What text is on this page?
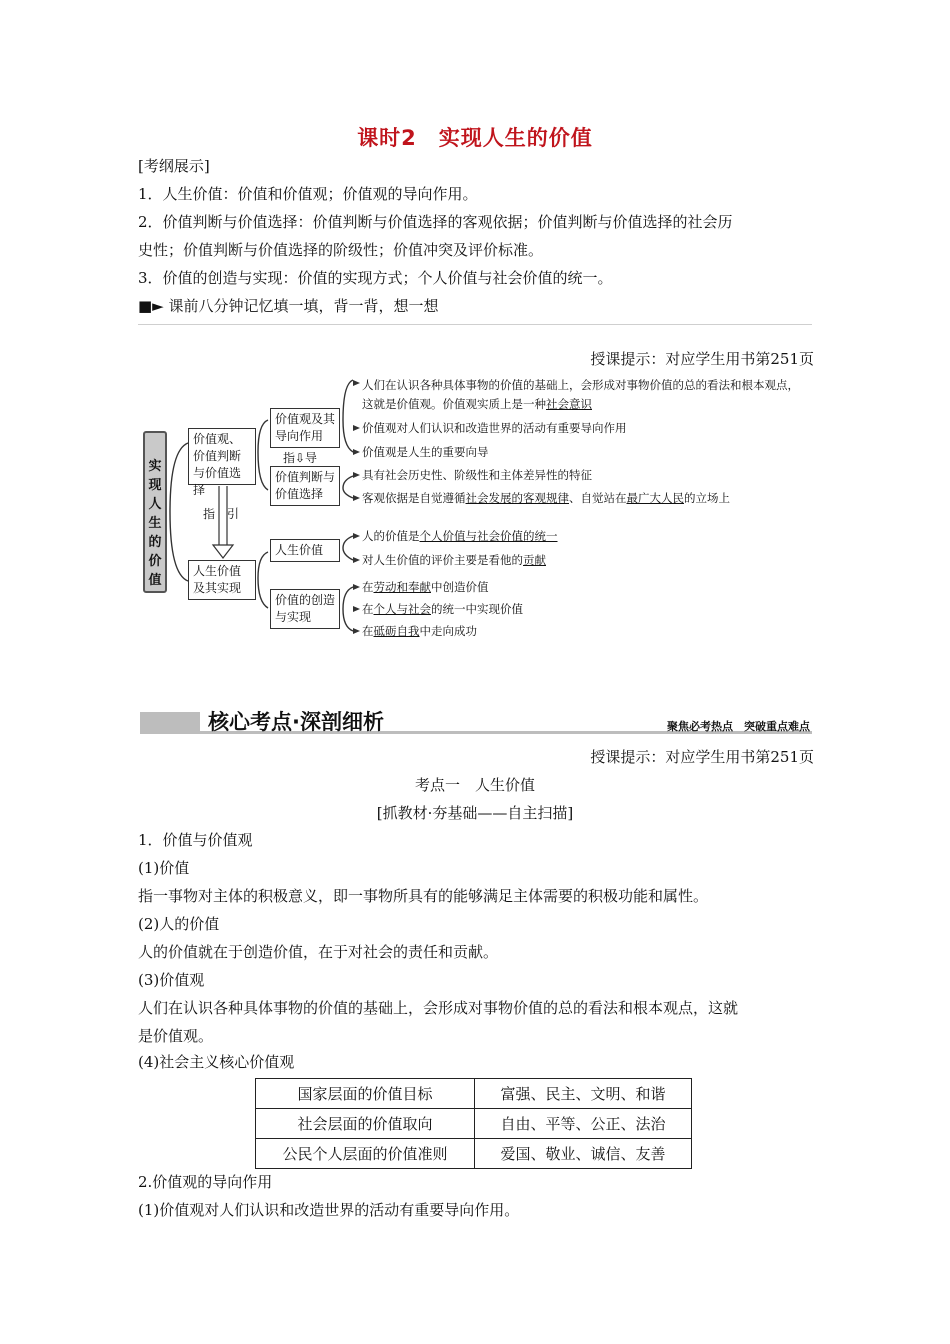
课时2　实现人生的价值
[考纲展示]
1．人生价值：价值和价值观；价值观的导向作用。
2．价值判断与价值选择：价值判断与价值选择的客观依据；价值判断与价值选择的社会历
史性；价值判断与价值选择的阶级性；价值冲突及评价标准。
3．价值的创造与实现：价值的实现方式；个人价值与社会价值的统一。
■► 课前八分钟记忆填一填，背一背，想一想
授课提示：对应学生用书第251页
实现人生的价值
价值观、价值判断与价值选择
指　引
人生价值及其实现
价值观及其导向作用
指⇩导
价值判断与价值选择
人生价值
价值的创造与实现
人们在认识各种具体事物的价值的基础上，会形成对事物价值的总的看法和根本观点，
这就是价值观。价值观实质上是一种社会意识
价值观对人们认识和改造世界的活动有重要导向作用
价值观是人生的重要向导
具有社会历史性、阶级性和主体差异性的特征
客观依据是自觉遵循社会发展的客观规律、自觉站在最广大人民的立场上
人的价值是个人价值与社会价值的统一
对人生价值的评价主要是看他的贡献
在劳动和奉献中创造价值
在个人与社会的统一中实现价值
在砥砺自我中走向成功
核心考点·深剖细析	聚焦必考热点　突破重点难点
授课提示：对应学生用书第251页
考点一　人生价值
[抓教材·夯基础——自主扫描]
1．价值与价值观
(1)价值
指一事物对主体的积极意义，即一事物所具有的能够满足主体需要的积极功能和属性。
(2)人的价值
人的价值就在于创造价值，在于对社会的责任和贡献。
(3)价值观
人们在认识各种具体事物的价值的基础上，会形成对事物价值的总的看法和根本观点，这就
是价值观。
(4)社会主义核心价值观
国家层面的价值目标	富强、民主、文明、和谐
社会层面的价值取向	自由、平等、公正、法治
公民个人层面的价值准则	爱国、敬业、诚信、友善
2.价值观的导向作用
(1)价值观对人们认识和改造世界的活动有重要导向作用。
